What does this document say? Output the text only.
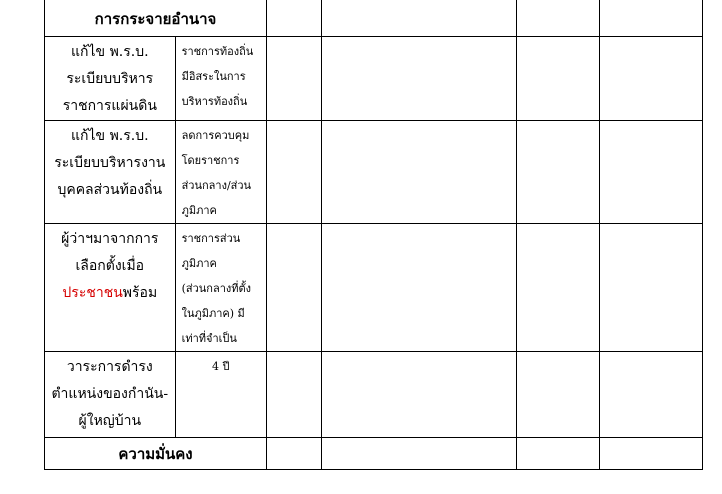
การกระจายอำนาจ					

แก้ไข พ.ร.บ.
ระเบียบบริหาร
ราชการแผ่นดิน	ราชการท้องถิ่น
มีอิสระในการ
บริหารท้องถิ่น				

แก้ไข พ.ร.บ.
ระเบียบบริหารงาน
บุคคลส่วนท้องถิ่น	ลดการควบคุม
โดยราชการ
ส่วนกลาง/ส่วน
ภูมิภาค				

ผู้ว่าฯมาจากการ
เลือกตั้งเมื่อ
ประชาชนพร้อม	ราชการส่วน
ภูมิภาค
(ส่วนกลางที่ตั้ง
ในภูมิภาค) มี
เท่าที่จำเป็น				

วาระการดำรง
ตำแหน่งของกำนัน-
ผู้ใหญ่บ้าน	4 ปี				

ความมั่นคง					
